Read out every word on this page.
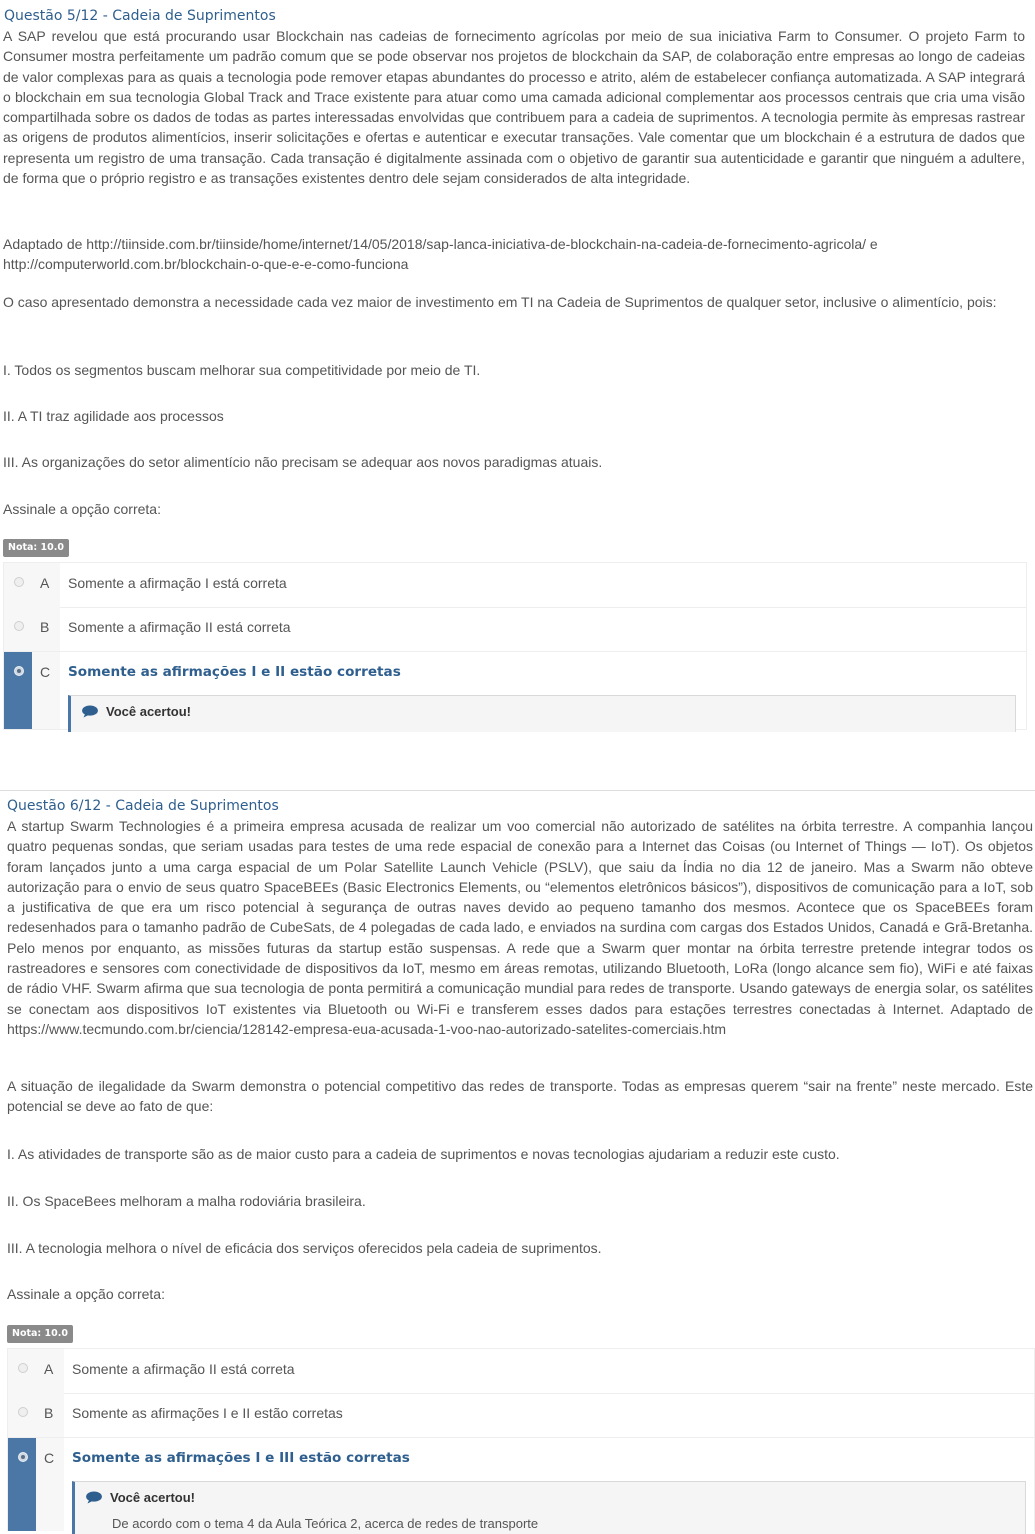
Questão 5/12 - Cadeia de Suprimentos

A SAP revelou que está procurando usar Blockchain nas cadeias de fornecimento agrícolas por meio de sua iniciativa Farm to Consumer. O projeto Farm to Consumer mostra perfeitamente um padrão comum que se pode observar nos projetos de blockchain da SAP, de colaboração entre empresas ao longo de cadeias de valor complexas para as quais a tecnologia pode remover etapas abundantes do processo e atrito, além de estabelecer confiança automatizada. A SAP integrará o blockchain em sua tecnologia Global Track and Trace existente para atuar como uma camada adicional complementar aos processos centrais que cria uma visão compartilhada sobre os dados de todas as partes interessadas envolvidas que contribuem para a cadeia de suprimentos. A tecnologia permite às empresas rastrear as origens de produtos alimentícios, inserir solicitações e ofertas e autenticar e executar transações. Vale comentar que um blockchain é a estrutura de dados que representa um registro de uma transação. Cada transação é digitalmente assinada com o objetivo de garantir sua autenticidade e garantir que ninguém a adultere, de forma que o próprio registro e as transações existentes dentro dele sejam considerados de alta integridade.

Adaptado de http://tiinside.com.br/tiinside/home/internet/14/05/2018/sap-lanca-iniciativa-de-blockchain-na-cadeia-de-fornecimento-agricola/ e http://computerworld.com.br/blockchain-o-que-e-e-como-funciona

O caso apresentado demonstra a necessidade cada vez maior de investimento em TI na Cadeia de Suprimentos de qualquer setor, inclusive o alimentício, pois:

I. Todos os segmentos buscam melhorar sua competitividade por meio de TI.

II. A TI traz agilidade aos processos

III. As organizações do setor alimentício não precisam se adequar aos novos paradigmas atuais.

Assinale a opção correta:

Nota: 10.0
A Somente a afirmação I está correta
B Somente a afirmação II está correta
C Somente as afirmações I e II estão corretas
Você acertou!
Questão 6/12 - Cadeia de Suprimentos

A startup Swarm Technologies é a primeira empresa acusada de realizar um voo comercial não autorizado de satélites na órbita terrestre. A companhia lançou quatro pequenas sondas, que seriam usadas para testes de uma rede espacial de conexão para a Internet das Coisas (ou Internet of Things — IoT). Os objetos foram lançados junto a uma carga espacial de um Polar Satellite Launch Vehicle (PSLV), que saiu da Índia no dia 12 de janeiro. Mas a Swarm não obteve autorização para o envio de seus quatro SpaceBEEs (Basic Electronics Elements, ou “elementos eletrônicos básicos”), dispositivos de comunicação para a IoT, sob a justificativa de que era um risco potencial à segurança de outras naves devido ao pequeno tamanho dos mesmos. Acontece que os SpaceBEEs foram redesenhados para o tamanho padrão de CubeSats, de 4 polegadas de cada lado, e enviados na surdina com cargas dos Estados Unidos, Canadá e Grã-Bretanha. Pelo menos por enquanto, as missões futuras da startup estão suspensas. A rede que a Swarm quer montar na órbita terrestre pretende integrar todos os rastreadores e sensores com conectividade de dispositivos da IoT, mesmo em áreas remotas, utilizando Bluetooth, LoRa (longo alcance sem fio), WiFi e até faixas de rádio VHF. Swarm afirma que sua tecnologia de ponta permitirá a comunicação mundial para redes de transporte. Usando gateways de energia solar, os satélites se conectam aos dispositivos IoT existentes via Bluetooth ou Wi-Fi e transferem esses dados para estações terrestres conectadas à Internet. Adaptado de https://www.tecmundo.com.br/ciencia/128142-empresa-eua-acusada-1-voo-nao-autorizado-satelites-comerciais.htm

A situação de ilegalidade da Swarm demonstra o potencial competitivo das redes de transporte. Todas as empresas querem “sair na frente” neste mercado. Este potencial se deve ao fato de que:

I. As atividades de transporte são as de maior custo para a cadeia de suprimentos e novas tecnologias ajudariam a reduzir este custo.

II. Os SpaceBees melhoram a malha rodoviária brasileira.

III. A tecnologia melhora o nível de eficácia dos serviços oferecidos pela cadeia de suprimentos.

Assinale a opção correta:

Nota: 10.0
A Somente a afirmação II está correta
B Somente as afirmações I e II estão corretas
C Somente as afirmações I e III estão corretas
Você acertou!
De acordo com o tema 4 da Aula Teórica 2, acerca de redes de transporte
